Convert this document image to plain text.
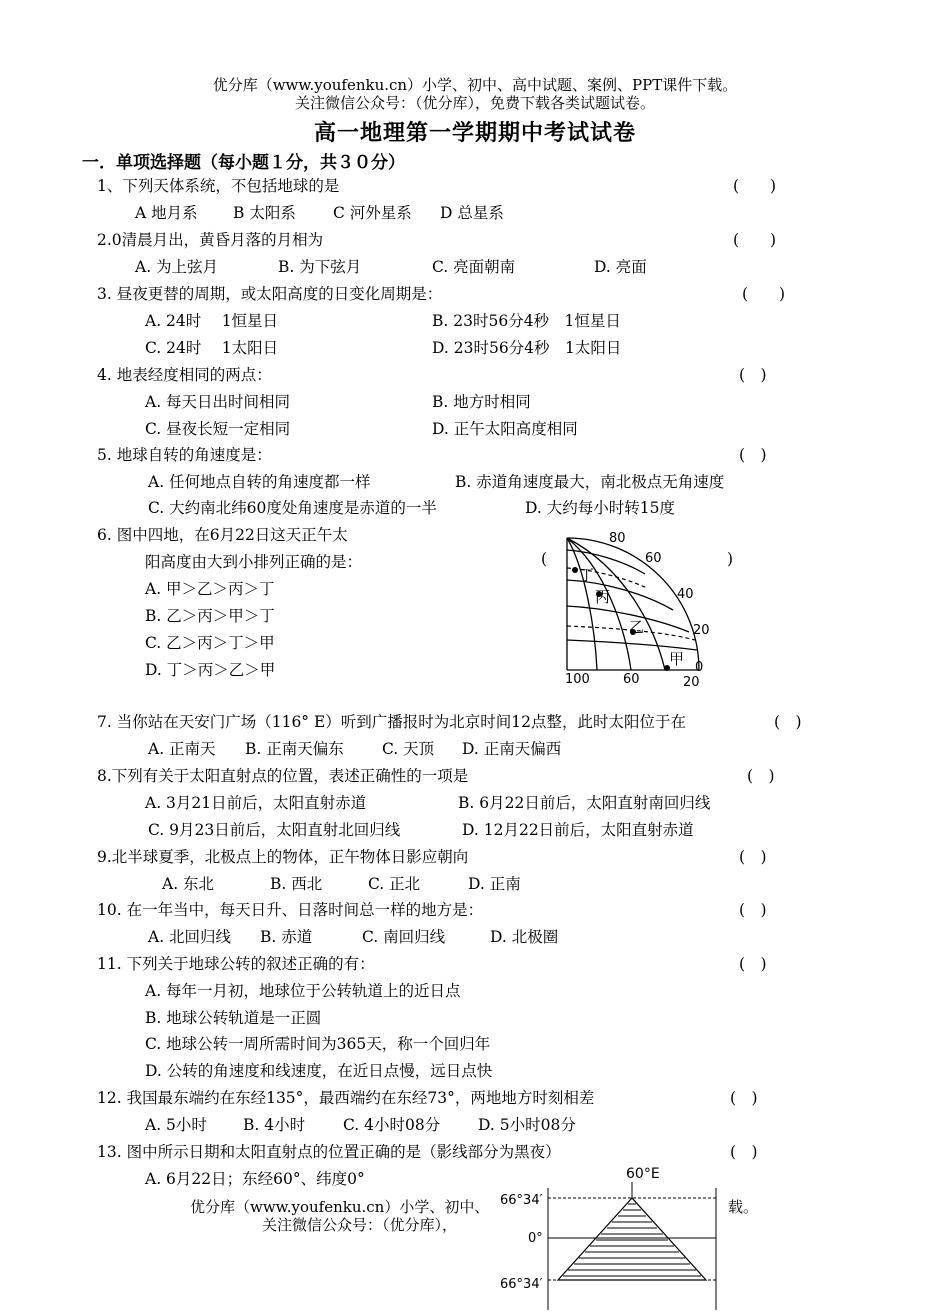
优分库（www.youfenku.cn）小学、初中、高中试题、案例、PPT课件下载。
关注微信公众号：（优分库），免费下载各类试题试卷。
高一地理第一学期期中考试试卷
一．单项选择题（每小题１分，共３０分）
1、下列天体系统，不包括地球的是	(　　)
A 地月系 B 太阳系 C 河外星系 D 总星系
2.0清晨月出，黄昏月落的月相为	(　　)
A. 为上弦月	B. 为下弦月	C. 亮面朝南	D. 亮面
3. 昼夜更替的周期，或太阳高度的日变化周期是：	(　　)
A. 24时　 1恒星日	B. 23时56分4秒　1恒星日
C. 24时　 1太阳日	D. 23时56分4秒　1太阳日
4. 地表经度相同的两点：	(　)
A. 每天日出时间相同	B. 地方时相同
C. 昼夜长短一定相同	D. 正午太阳高度相同
5. 地球自转的角速度是：	(　)
A. 任何地点自转的角速度都一样	B. 赤道角速度最大，南北极点无角速度
C. 大约南北纬60度处角速度是赤道的一半	D. 大约每小时转15度
6. 图中四地，在6月22日这天正午太
阳高度由大到小排列正确的是：	(	)
A. 甲＞乙＞丙＞丁
B. 乙＞丙＞甲＞丁
C. 乙＞丙＞丁＞甲
D. 丁＞丙＞乙＞甲
丁
丙
乙
甲
80
60
40
20
0
100	60	20
7. 当你站在天安门广场（116° E）听到广播报时为北京时间12点整，此时太阳位于在	(　)
A. 正南天 B. 正南天偏东 C. 天顶 D. 正南天偏西
8.下列有关于太阳直射点的位置，表述正确性的一项是	(　)
A. 3月21日前后，太阳直射赤道	B. 6月22日前后，太阳直射南回归线
C. 9月23日前后，太阳直射北回归线	D. 12月22日前后，太阳直射赤道
9.北半球夏季，北极点上的物体，正午物体日影应朝向	(　)
A. 东北	B. 西北	C. 正北	D. 正南
10. 在一年当中，每天日升、日落时间总一样的地方是：	(　)
A. 北回归线 B. 赤道	C. 南回归线	D. 北极圈
11. 下列关于地球公转的叙述正确的有：	(　)
A. 每年一月初，地球位于公转轨道上的近日点
B. 地球公转轨道是一正圆
C. 地球公转一周所需时间为365天，称一个回归年
D. 公转的角速度和线速度，在近日点慢，远日点快
12. 我国最东端约在东经135°，最西端约在东经73°，两地地方时刻相差	(　)
A. 5小时 B. 4小时 C. 4小时08分 D. 5小时08分
13. 图中所示日期和太阳直射点的位置正确的是（影线部分为黑夜）	(　)
A. 6月22日；东经60°、纬度0°	60°E
66°34′
0°
66°34′
优分库（www.youfenku.cn）小学、初中、	载。
关注微信公众号：（优分库），
